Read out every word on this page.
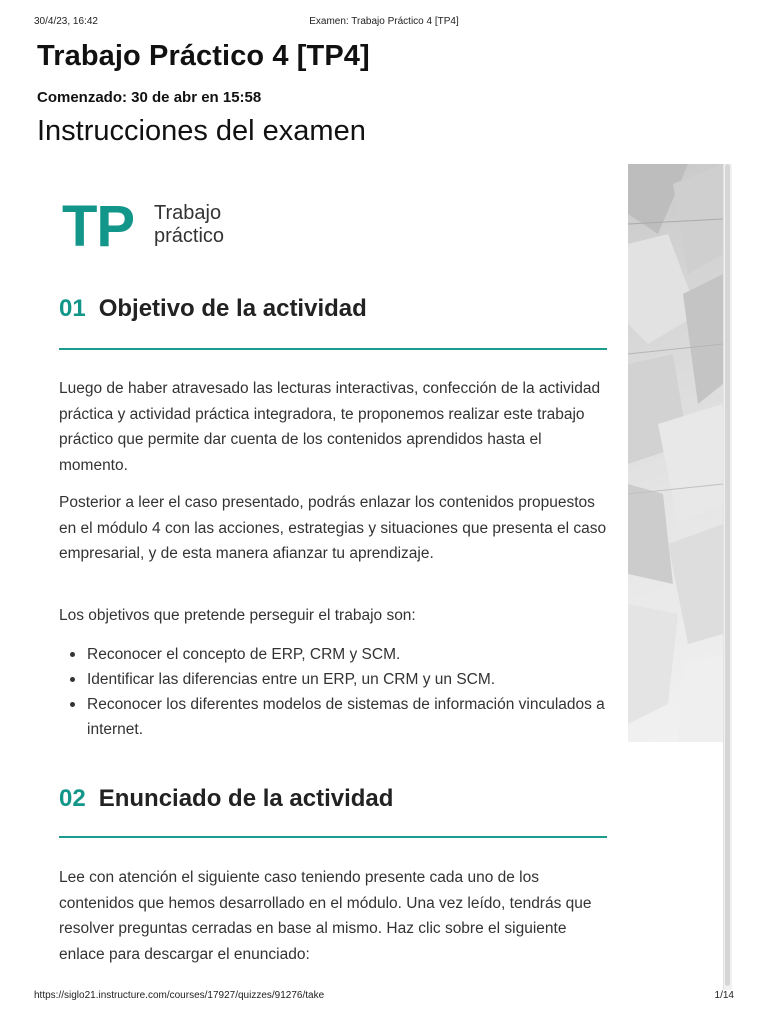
30/4/23, 16:42	Examen: Trabajo Práctico 4 [TP4]
Trabajo Práctico 4 [TP4]
Comenzado: 30 de abr en 15:58
Instrucciones del examen
TP Trabajo
práctico
01 Objetivo de la actividad

Luego de haber atravesado las lecturas interactivas, confección de la actividad práctica y actividad práctica integradora, te proponemos realizar este trabajo práctico que permite dar cuenta de los contenidos aprendidos hasta el momento.

Posterior a leer el caso presentado, podrás enlazar los contenidos propuestos en el módulo 4 con las acciones, estrategias y situaciones que presenta el caso empresarial, y de esta manera afianzar tu aprendizaje.

Los objetivos que pretende perseguir el trabajo son:

Reconocer el concepto de ERP, CRM y SCM.
Identificar las diferencias entre un ERP, un CRM y un SCM.
Reconocer los diferentes modelos de sistemas de información vinculados a internet.
02 Enunciado de la actividad

Lee con atención el siguiente caso teniendo presente cada uno de los contenidos que hemos desarrollado en el módulo. Una vez leído, tendrás que resolver preguntas cerradas en base al mismo. Haz clic sobre el siguiente enlace para descargar el enunciado:

https://siglo21.instructure.com/courses/17927/quizzes/91276/take	1/14
